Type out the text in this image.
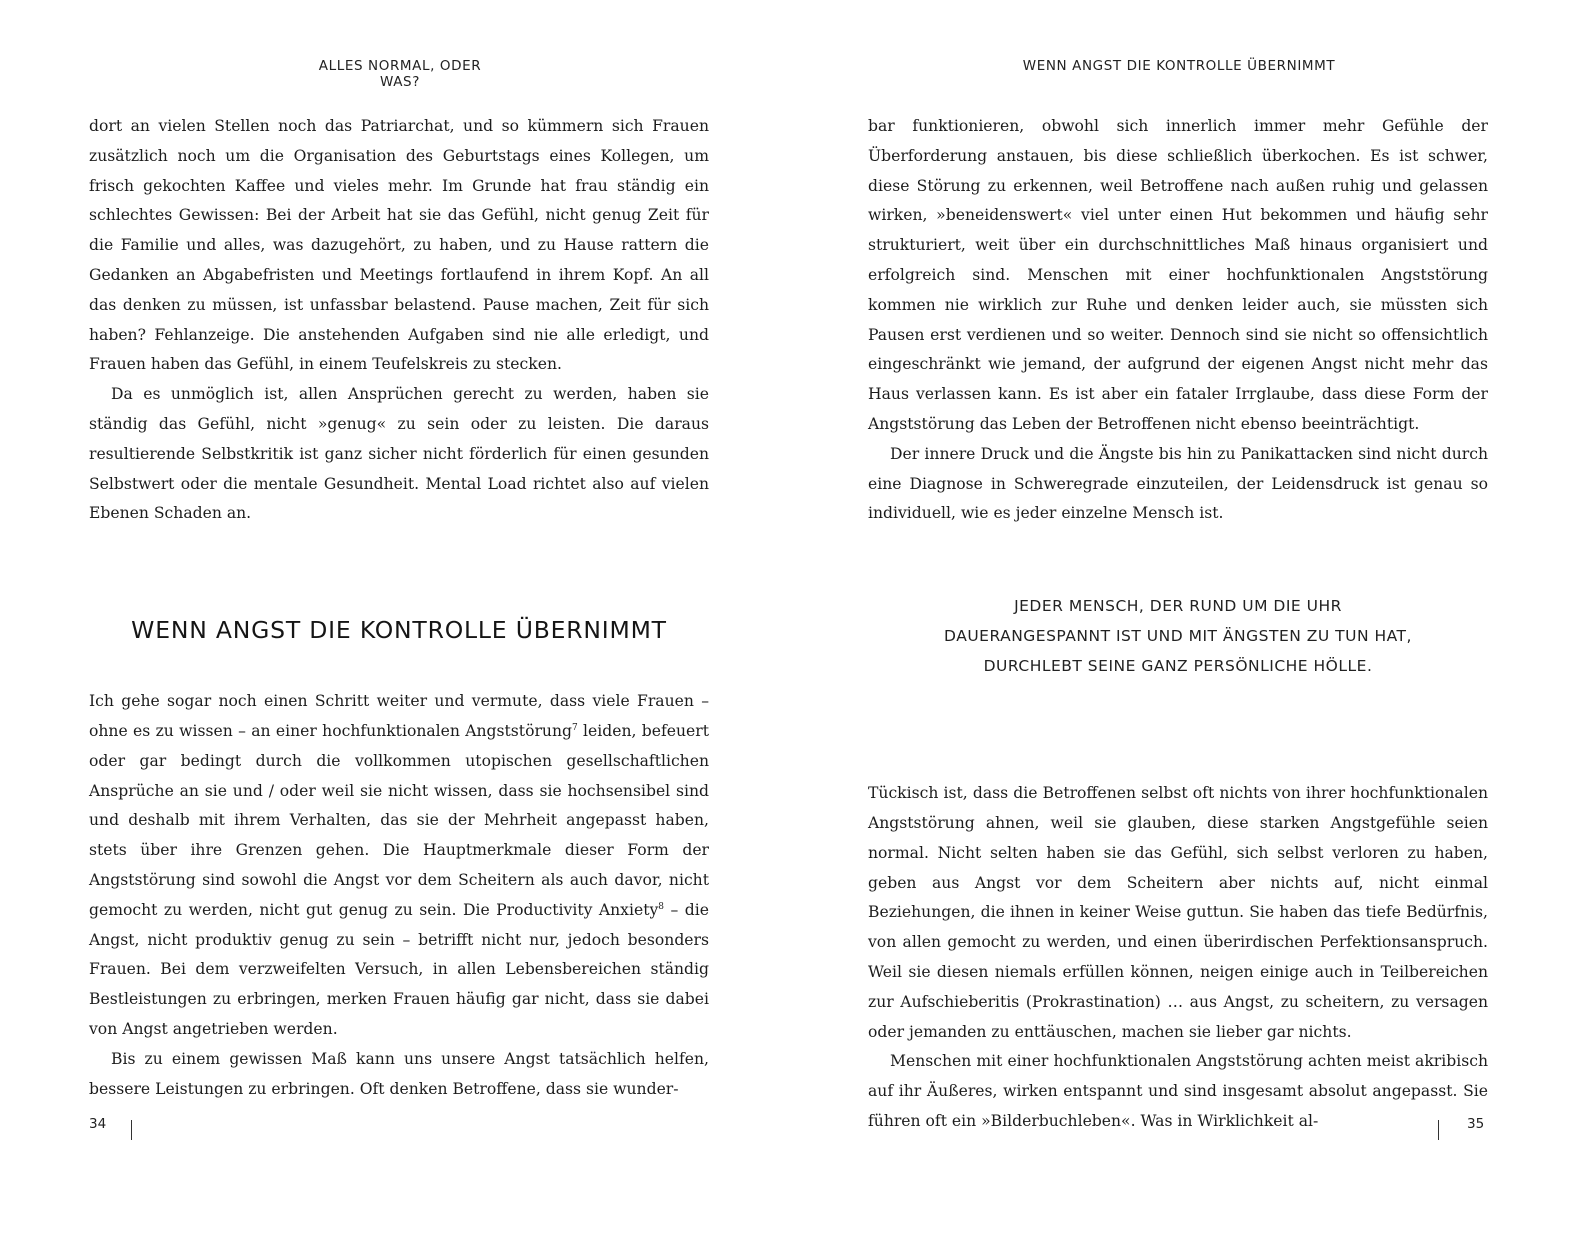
ALLES NORMAL, ODER WAS?

dort an vielen Stellen noch das Patriarchat, und so kümmern sich Frauen zusätzlich noch um die Organisation des Geburtstags eines Kollegen, um frisch gekochten Kaffee und vieles mehr. Im Grunde hat frau ständig ein schlechtes Gewissen: Bei der Arbeit hat sie das Gefühl, nicht genug Zeit für die Familie und alles, was dazugehört, zu haben, und zu Hause rattern die Gedanken an Abgabefristen und Meetings fortlaufend in ihrem Kopf. An all das denken zu müssen, ist unfassbar belastend. Pause machen, Zeit für sich haben? Fehlanzeige. Die anstehenden Aufgaben sind nie alle erledigt, und Frauen haben das Gefühl, in einem Teufelskreis zu stecken.

Da es unmöglich ist, allen Ansprüchen gerecht zu werden, haben sie ständig das Gefühl, nicht »genug« zu sein oder zu leisten. Die daraus resultierende Selbstkritik ist ganz sicher nicht förderlich für einen gesunden Selbstwert oder die mentale Gesundheit. Mental Load richtet also auf vielen Ebenen Schaden an.

WENN ANGST DIE KONTROLLE ÜBERNIMMT

Ich gehe sogar noch einen Schritt weiter und vermute, dass viele Frauen – ohne es zu wissen – an einer hochfunktionalen Angststörung$^7$ leiden, befeuert oder gar bedingt durch die vollkommen utopischen gesellschaftlichen Ansprüche an sie und / oder weil sie nicht wissen, dass sie hochsensibel sind und deshalb mit ihrem Verhalten, das sie der Mehrheit angepasst haben, stets über ihre Grenzen gehen. Die Hauptmerkmale dieser Form der Angststörung sind sowohl die Angst vor dem Scheitern als auch davor, nicht gemocht zu werden, nicht gut genug zu sein. Die Productivity Anxiety$^8$ – die Angst, nicht produktiv genug zu sein – betrifft nicht nur, jedoch besonders Frauen. Bei dem verzweifelten Versuch, in allen Lebensbereichen ständig Bestleistungen zu erbringen, merken Frauen häufig gar nicht, dass sie dabei von Angst angetrieben werden.

Bis zu einem gewissen Maß kann uns unsere Angst tatsächlich helfen, bessere Leistungen zu erbringen. Oft denken Betroffene, dass sie wunder-

34
WENN ANGST DIE KONTROLLE ÜBERNIMMT

bar funktionieren, obwohl sich innerlich immer mehr Gefühle der Überforderung anstauen, bis diese schließlich überkochen. Es ist schwer, diese Störung zu erkennen, weil Betroffene nach außen ruhig und gelassen wirken, »beneidenswert« viel unter einen Hut bekommen und häufig sehr strukturiert, weit über ein durchschnittliches Maß hinaus organisiert und erfolgreich sind. Menschen mit einer hochfunktionalen Angststörung kommen nie wirklich zur Ruhe und denken leider auch, sie müssten sich Pausen erst verdienen und so weiter. Dennoch sind sie nicht so offensichtlich eingeschränkt wie jemand, der aufgrund der eigenen Angst nicht mehr das Haus verlassen kann. Es ist aber ein fataler Irrglaube, dass diese Form der Angststörung das Leben der Betroffenen nicht ebenso beeinträchtigt.

Der innere Druck und die Ängste bis hin zu Panikattacken sind nicht durch eine Diagnose in Schweregrade einzuteilen, der Leidensdruck ist genau so individuell, wie es jeder einzelne Mensch ist.

JEDER MENSCH, DER RUND UM DIE UHR
DAUERANGESPANNT IST UND MIT ÄNGSTEN ZU TUN HAT,
DURCHLEBT SEINE GANZ PERSÖNLICHE HÖLLE.

Tückisch ist, dass die Betroffenen selbst oft nichts von ihrer hochfunktionalen Angststörung ahnen, weil sie glauben, diese starken Angstgefühle seien normal. Nicht selten haben sie das Gefühl, sich selbst verloren zu haben, geben aus Angst vor dem Scheitern aber nichts auf, nicht einmal Beziehungen, die ihnen in keiner Weise guttun. Sie haben das tiefe Bedürfnis, von allen gemocht zu werden, und einen überirdischen Perfektionsanspruch. Weil sie diesen niemals erfüllen können, neigen einige auch in Teilbereichen zur Aufschieberitis (Prokrastination) … aus Angst, zu scheitern, zu versagen oder jemanden zu enttäuschen, machen sie lieber gar nichts.

Menschen mit einer hochfunktionalen Angststörung achten meist akribisch auf ihr Äußeres, wirken entspannt und sind insgesamt absolut angepasst. Sie führen oft ein »Bilderbuchleben«. Was in Wirklichkeit al-	35
